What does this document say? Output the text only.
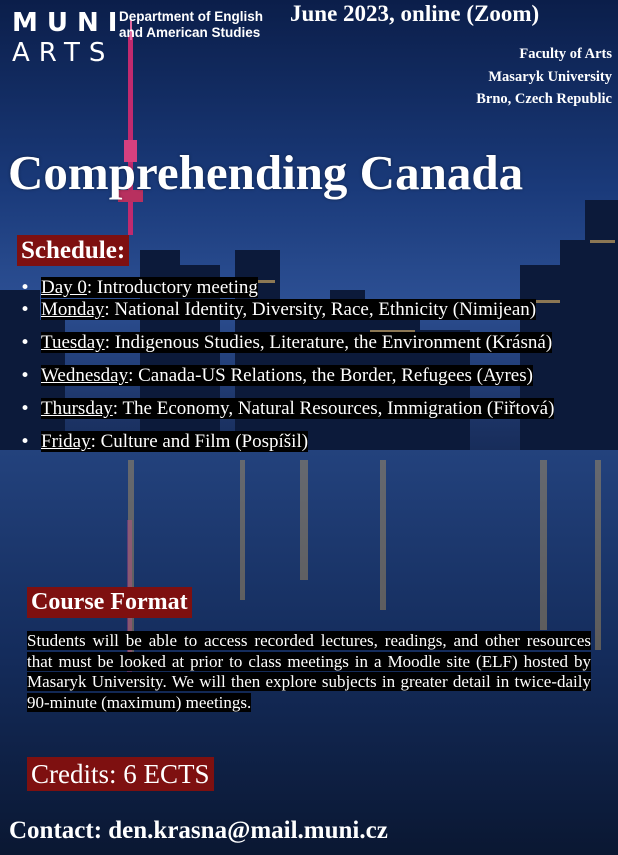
MUNI
ARTS
Department of English and American Studies
June 2023, online (Zoom)
Faculty of Arts
Masaryk University
Brno, Czech Republic
Comprehending Canada
Schedule:
• Day 0: Introductory meeting
• Monday: National Identity, Diversity, Race, Ethnicity (Nimijean)
• Tuesday: Indigenous Studies, Literature, the Environment (Krásná)
• Wednesday: Canada-US Relations, the Border, Refugees (Ayres)
• Thursday: The Economy, Natural Resources, Immigration (Fiřtová)
• Friday: Culture and Film (Pospíšil)
Course Format
Students will be able to access recorded lectures, readings, and other resources that must be looked at prior to class meetings in a Moodle site (ELF) hosted by Masaryk University. We will then explore subjects in greater detail in twice-daily 90-minute (maximum) meetings.
Credits: 6 ECTS
Contact: den.krasna@mail.muni.cz
